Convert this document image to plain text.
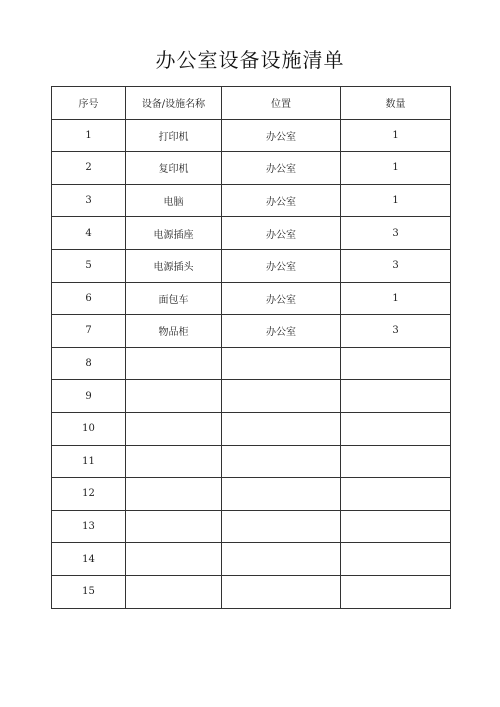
办公室设备设施清单
序号	设备/设施名称	位置	数量
1	打印机	办公室	1
2	复印机	办公室	1
3	电脑	办公室	1
4	电源插座	办公室	3
5	电源插头	办公室	3
6	面包车	办公室	1
7	物品柜	办公室	3
8			
9			
10			
11			
12			
13			
14			
15			
